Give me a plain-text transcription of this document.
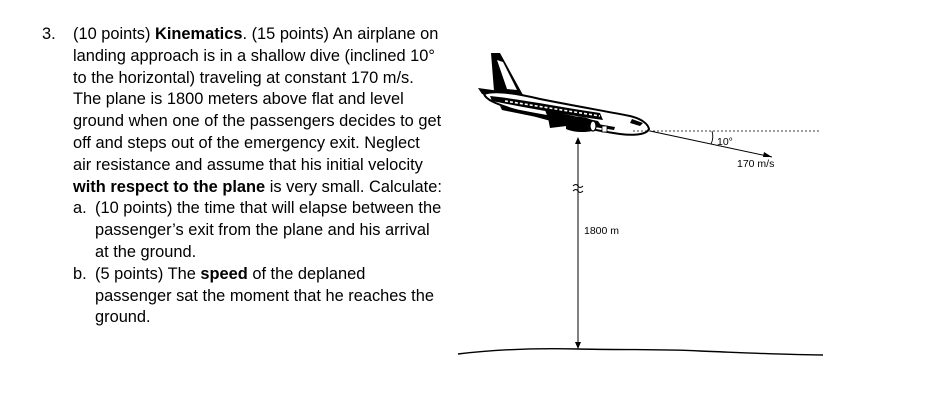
3. (10 points) Kinematics. (15 points) An airplane on landing approach is in a shallow dive (inclined 10° to the horizontal) traveling at constant 170 m/s. The plane is 1800 meters above flat and level ground when one of the passengers decides to get off and steps out of the emergency exit. Neglect air resistance and assume that his initial velocity with respect to the plane is very small. Calculate:
a. (10 points) the time that will elapse between the passenger’s exit from the plane and his arrival at the ground.
b. (5 points) The speed of the deplaned passenger sat the moment that he reaches the ground.
10°
170 m/s
1800 m
